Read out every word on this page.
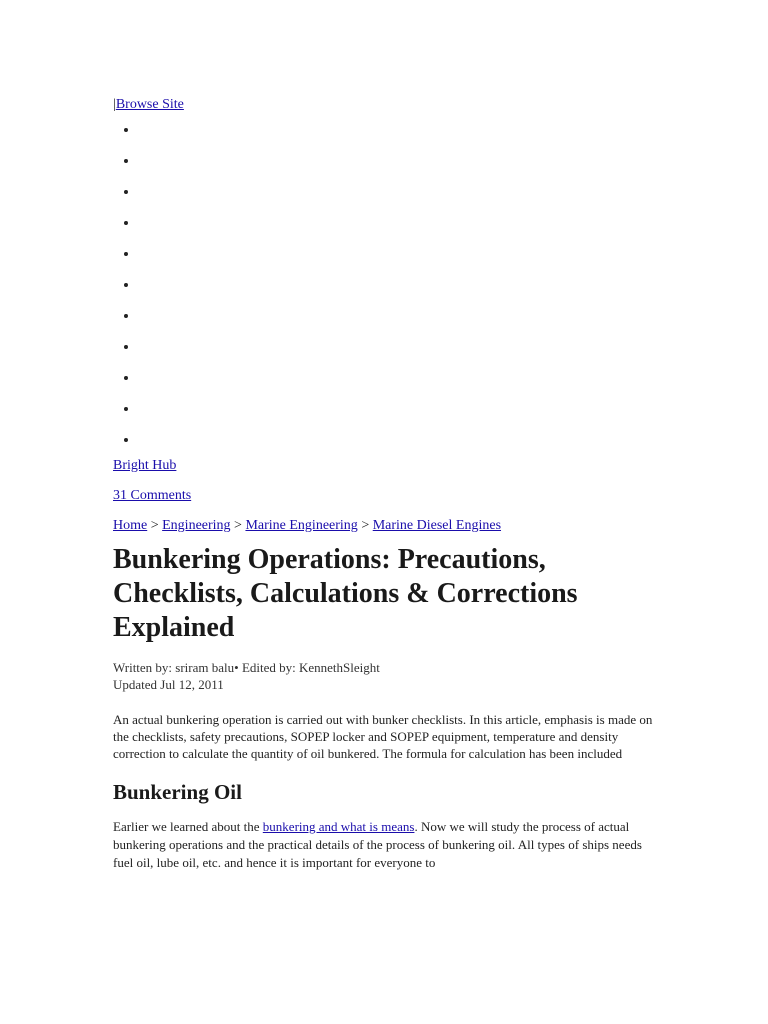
|Browse Site
•
•
•
•
•
•
•
•
•
•
•
Bright Hub
31 Comments
Home > Engineering > Marine Engineering > Marine Diesel Engines
Bunkering Operations: Precautions, Checklists, Calculations & Corrections Explained
Written by: sriram balu• Edited by: KennethSleight
Updated Jul 12, 2011

An actual bunkering operation is carried out with bunker checklists. In this article, emphasis is made on the checklists, safety precautions, SOPEP locker and SOPEP equipment, temperature and density correction to calculate the quantity of oil bunkered. The formula for calculation has been included

Bunkering Oil

Earlier we learned about the bunkering and what is means. Now we will study the process of actual bunkering operations and the practical details of the process of bunkering oil. All types of ships needs fuel oil, lube oil, etc. and hence it is important for everyone to
